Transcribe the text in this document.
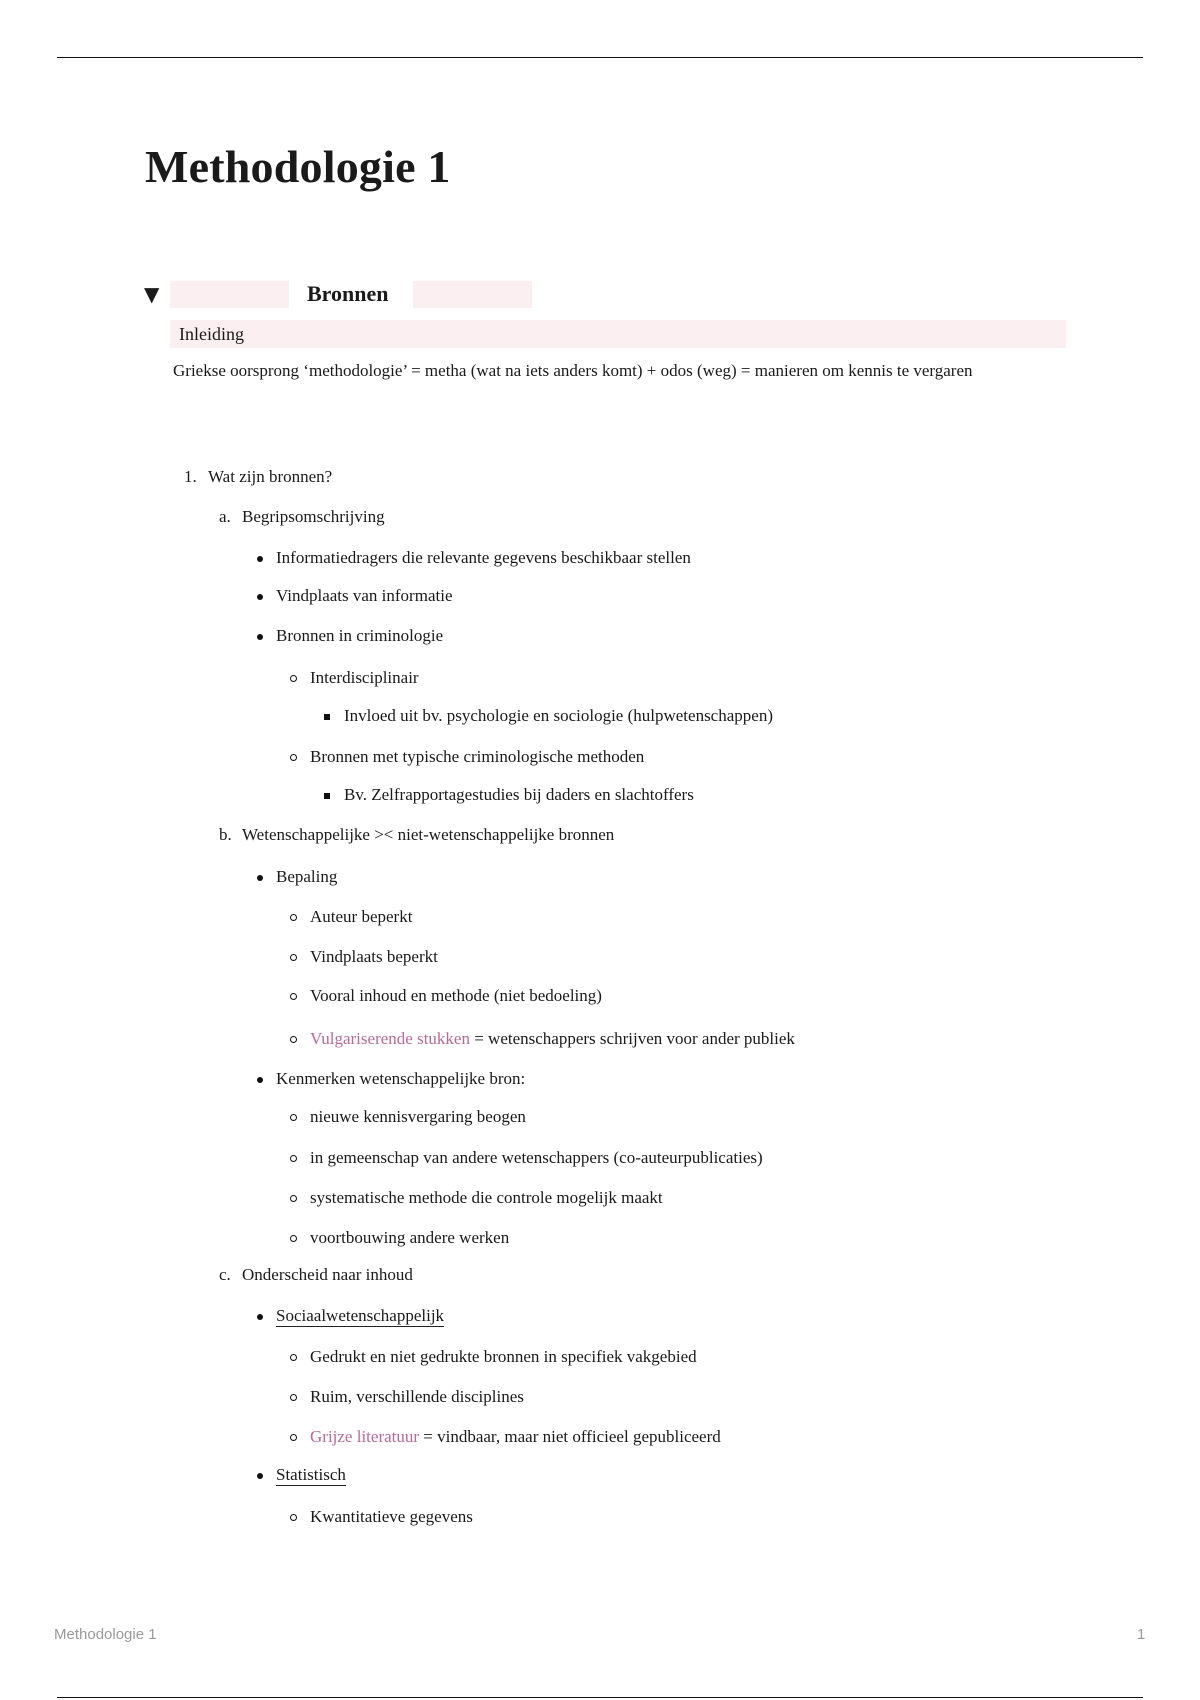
Methodologie 1
▼	Bronnen
Inleiding
Griekse oorsprong ‘methodologie’ = metha (wat na iets anders komt) + odos (weg) = manieren om kennis te vergaren
1. Wat zijn bronnen?
a. Begripsomschrijving
Informatiedragers die relevante gegevens beschikbaar stellen
Vindplaats van informatie
Bronnen in criminologie
Interdisciplinair
Invloed uit bv. psychologie en sociologie (hulpwetenschappen)
Bronnen met typische criminologische methoden
Bv. Zelfrapportagestudies bij daders en slachtoffers
b. Wetenschappelijke >< niet-wetenschappelijke bronnen
Bepaling
Auteur beperkt
Vindplaats beperkt
Vooral inhoud en methode (niet bedoeling)
Vulgariserende stukken = wetenschappers schrijven voor ander publiek
Kenmerken wetenschappelijke bron:
nieuwe kennisvergaring beogen
in gemeenschap van andere wetenschappers (co-auteurpublicaties)
systematische methode die controle mogelijk maakt
voortbouwing andere werken
c. Onderscheid naar inhoud
Sociaalwetenschappelijk
Gedrukt en niet gedrukte bronnen in specifiek vakgebied
Ruim, verschillende disciplines
Grijze literatuur = vindbaar, maar niet officieel gepubliceerd
Statistisch
Kwantitatieve gegevens
Methodologie 1	1
